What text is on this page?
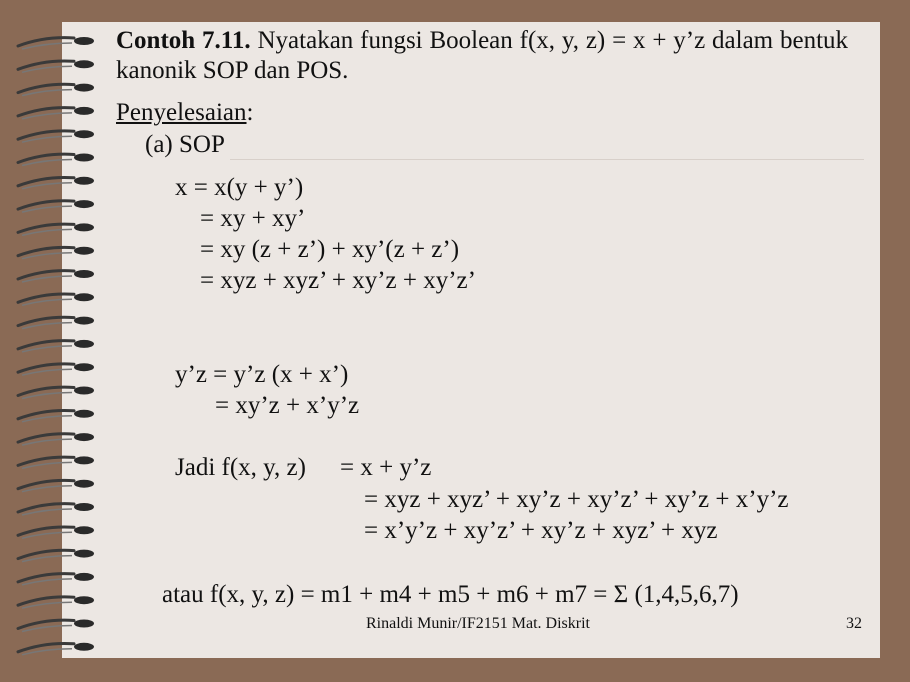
Contoh 7.11. Nyatakan fungsi Boolean f(x, y, z) = x + y’z dalam bentuk kanonik SOP dan POS.
Penyelesaian:
(a) SOP
x = x(y + y’)
= xy + xy’
= xy (z + z’) + xy’(z + z’)
= xyz + xyz’ + xy’z + xy’z’
y’z = y’z (x + x’)
= xy’z + x’y’z
Jadi f(x, y, z) = x + y’z
= xyz + xyz’ + xy’z + xy’z’ + xy’z + x’y’z
= x’y’z + xy’z’ + xy’z + xyz’ + xyz
atau f(x, y, z) = m1 + m4 + m5 + m6 + m7 = Σ (1,4,5,6,7)
Rinaldi Munir/IF2151 Mat. Diskrit	32
